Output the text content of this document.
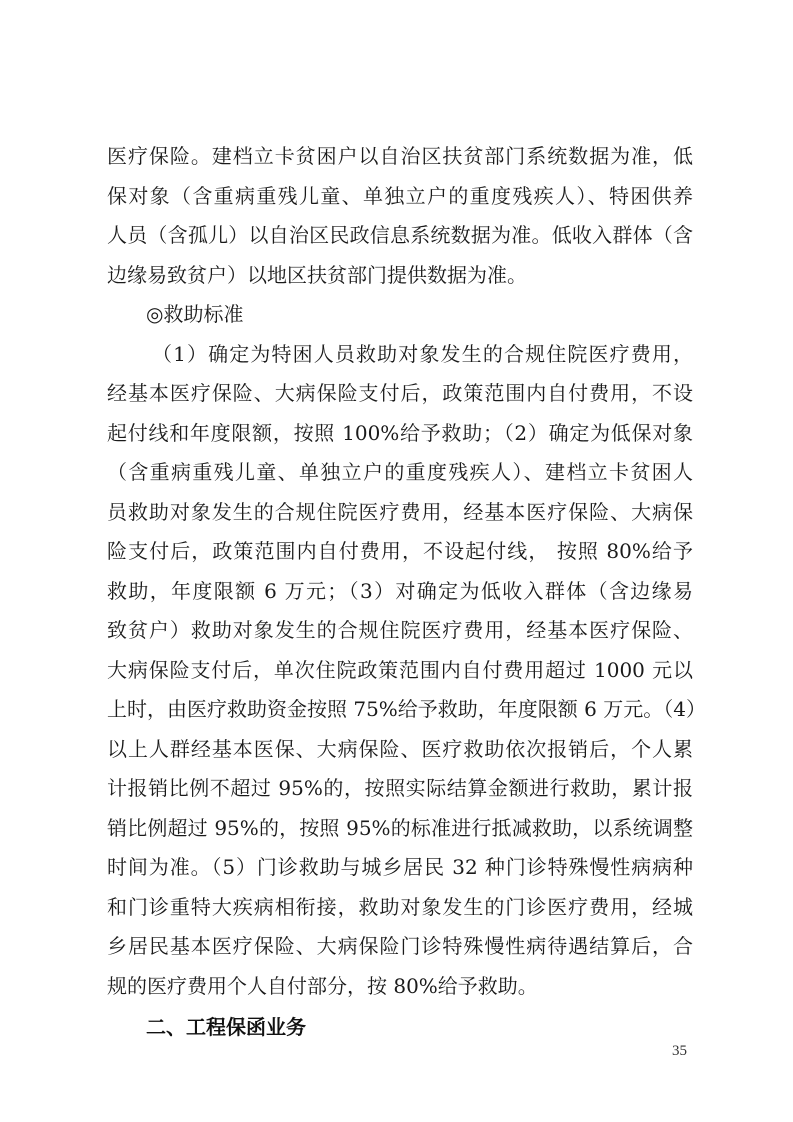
医疗保险。建档立卡贫困户以自治区扶贫部门系统数据为准，低
保对象（含重病重残儿童、单独立户的重度残疾人）、特困供养
人员（含孤儿）以自治区民政信息系统数据为准。低收入群体（含
边缘易致贫户）以地区扶贫部门提供数据为准。
◎救助标准
（1）确定为特困人员救助对象发生的合规住院医疗费用，
经基本医疗保险、大病保险支付后，政策范围内自付费用，不设
起付线和年度限额，按照 100%给予救助；（2）确定为低保对象
（含重病重残儿童、单独立户的重度残疾人）、建档立卡贫困人
员救助对象发生的合规住院医疗费用，经基本医疗保险、大病保
险支付后，政策范围内自付费用，不设起付线， 按照 80%给予
救助，年度限额 6 万元；（3）对确定为低收入群体（含边缘易
致贫户）救助对象发生的合规住院医疗费用，经基本医疗保险、
大病保险支付后，单次住院政策范围内自付费用超过 1000 元以
上时，由医疗救助资金按照 75%给予救助，年度限额 6 万元。（4）
以上人群经基本医保、大病保险、医疗救助依次报销后，个人累
计报销比例不超过 95%的，按照实际结算金额进行救助，累计报
销比例超过 95%的，按照 95%的标准进行抵减救助，以系统调整
时间为准。（5）门诊救助与城乡居民 32 种门诊特殊慢性病病种
和门诊重特大疾病相衔接，救助对象发生的门诊医疗费用，经城
乡居民基本医疗保险、大病保险门诊特殊慢性病待遇结算后，合
规的医疗费用个人自付部分，按 80%给予救助。
35
二、工程保函业务
